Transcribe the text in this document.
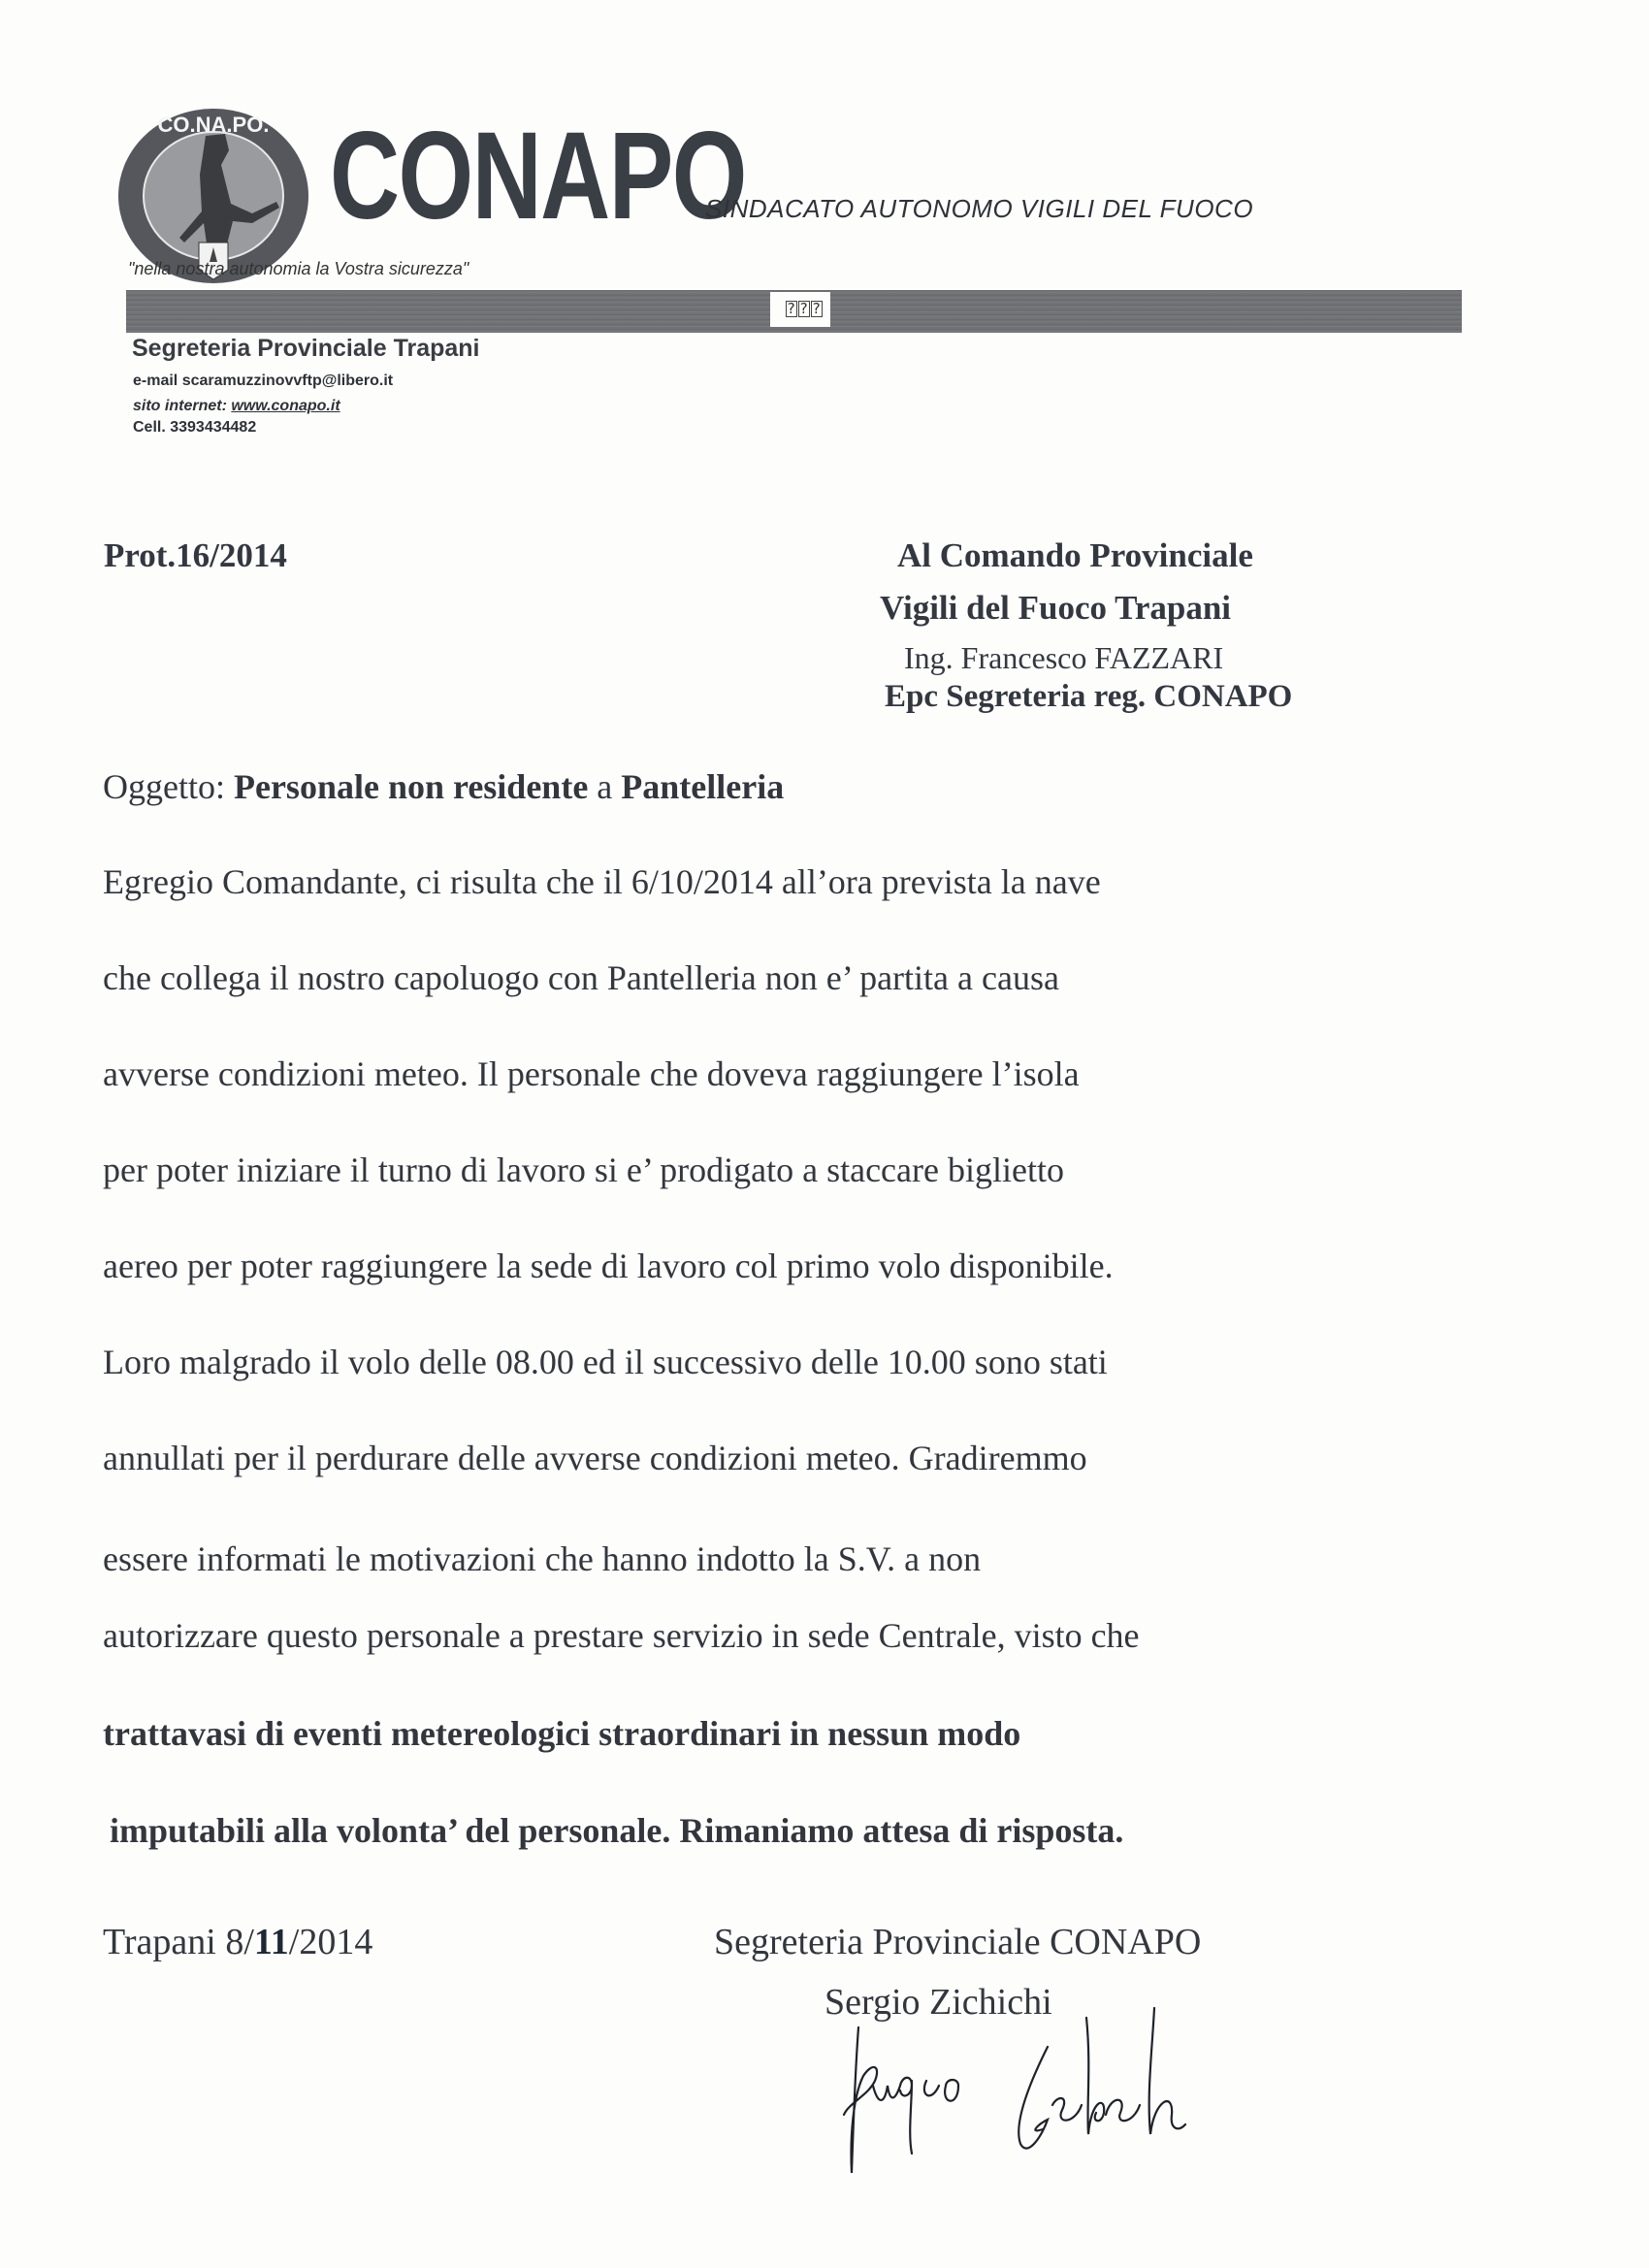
CO.NA.PO. CONAPO
SINDACATO AUTONOMO VIGILI DEL FUOCO
"nella nostra autonomia la Vostra sicurezza"
? ? ?
Segreteria Provinciale Trapani
e-mail scaramuzzinovvftp@libero.it
sito internet: www.conapo.it
Cell. 3393434482
Prot.16/2014	Al Comando Provinciale
Vigili del Fuoco Trapani
Ing. Francesco FAZZARI
Epc Segreteria reg. CONAPO
Oggetto: Personale non residente a Pantelleria
Egregio Comandante, ci risulta che il 6/10/2014 all’ora prevista la nave
che collega il nostro capoluogo con Pantelleria non e’ partita a causa
avverse condizioni meteo. Il personale che doveva raggiungere l’isola
per poter iniziare il turno di lavoro si e’ prodigato a staccare biglietto
aereo per poter raggiungere la sede di lavoro col primo volo disponibile.
Loro malgrado il volo delle 08.00 ed il successivo delle 10.00 sono stati
annullati per il perdurare delle avverse condizioni meteo. Gradiremmo
essere informati le motivazioni che hanno indotto la S.V. a non
autorizzare questo personale a prestare servizio in sede Centrale, visto che
trattavasi di eventi metereologici straordinari in nessun modo
imputabili alla volonta’ del personale. Rimaniamo attesa di risposta.
Trapani 8/11/2014	Segreteria Provinciale CONAPO
Sergio Zichichi
